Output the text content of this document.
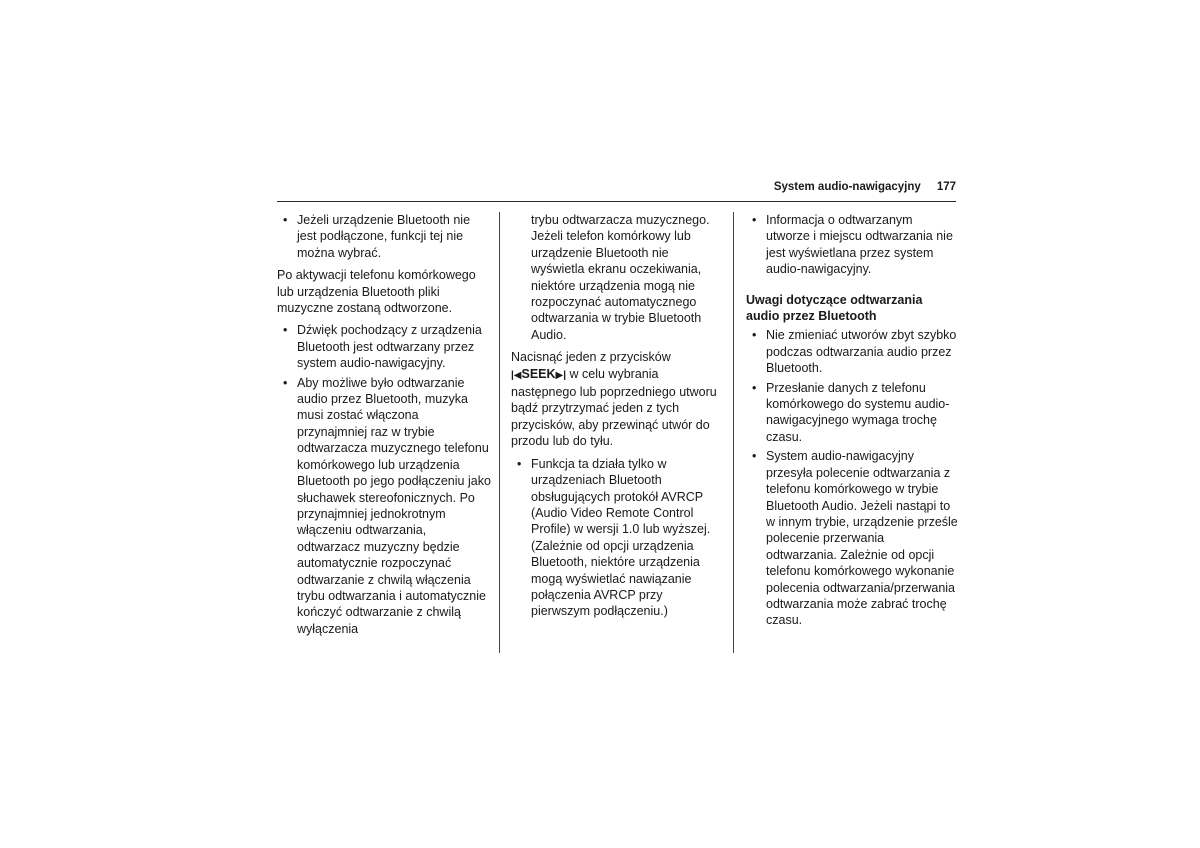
System audio-nawigacyjny 177
• Jeżeli urządzenie Bluetooth nie jest podłączone, funkcji tej nie można wybrać.

Po aktywacji telefonu komórkowego lub urządzenia Bluetooth pliki muzyczne zostaną odtworzone.

• Dźwięk pochodzący z urządzenia Bluetooth jest odtwarzany przez system audio-nawigacyjny.
• Aby możliwe było odtwarzanie audio przez Bluetooth, muzyka musi zostać włączona przynajmniej raz w trybie odtwarzacza muzycznego telefonu komórkowego lub urządzenia Bluetooth po jego podłączeniu jako słuchawek stereofonicznych. Po przynajmniej jednokrotnym włączeniu odtwarzania, odtwarzacz muzyczny będzie automatycznie rozpoczynać odtwarzanie z chwilą włączenia trybu odtwarzania i automatycznie kończyć odtwarzanie z chwilą wyłączenia
trybu odtwarzacza muzycznego. Jeżeli telefon komórkowy lub urządzenie Bluetooth nie wyświetla ekranu oczekiwania, niektóre urządzenia mogą nie rozpoczynać automatycznego odtwarzania w trybie Bluetooth Audio.

Nacisnąć jeden z przycisków
|◀SEEK▶| w celu wybrania następnego lub poprzedniego utworu bądź przytrzymać jeden z tych przycisków, aby przewinąć utwór do przodu lub do tyłu.

• Funkcja ta działa tylko w urządzeniach Bluetooth obsługujących protokół AVRCP (Audio Video Remote Control Profile) w wersji 1.0 lub wyższej. (Zależnie od opcji urządzenia Bluetooth, niektóre urządzenia mogą wyświetlać nawiązanie połączenia AVRCP przy pierwszym podłączeniu.)
• Informacja o odtwarzanym utworze i miejscu odtwarzania nie jest wyświetlana przez system audio-nawigacyjny.
Uwagi dotyczące odtwarzania audio przez Bluetooth
• Nie zmieniać utworów zbyt szybko podczas odtwarzania audio przez Bluetooth.
• Przesłanie danych z telefonu komórkowego do systemu audio-nawigacyjnego wymaga trochę czasu.
• System audio-nawigacyjny przesyła polecenie odtwarzania z telefonu komórkowego w trybie Bluetooth Audio. Jeżeli nastąpi to w innym trybie, urządzenie prześle polecenie przerwania odtwarzania. Zależnie od opcji telefonu komórkowego wykonanie polecenia odtwarzania/przerwania odtwarzania może zabrać trochę czasu.
